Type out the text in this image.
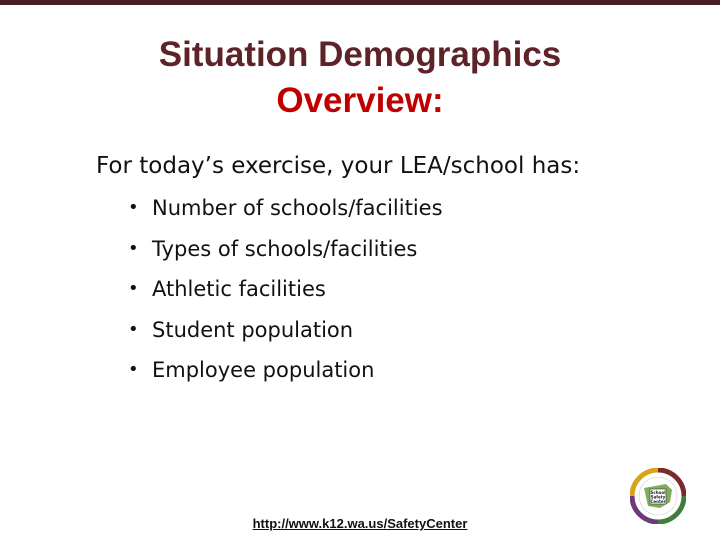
Situation Demographics
Overview:
For today’s exercise, your LEA/school has:
• Number of schools/facilities
• Types of schools/facilities
• Athletic facilities
• Student population
• Employee population
http://www.k12.wa.us/SafetyCenter
School
Safety
Center
